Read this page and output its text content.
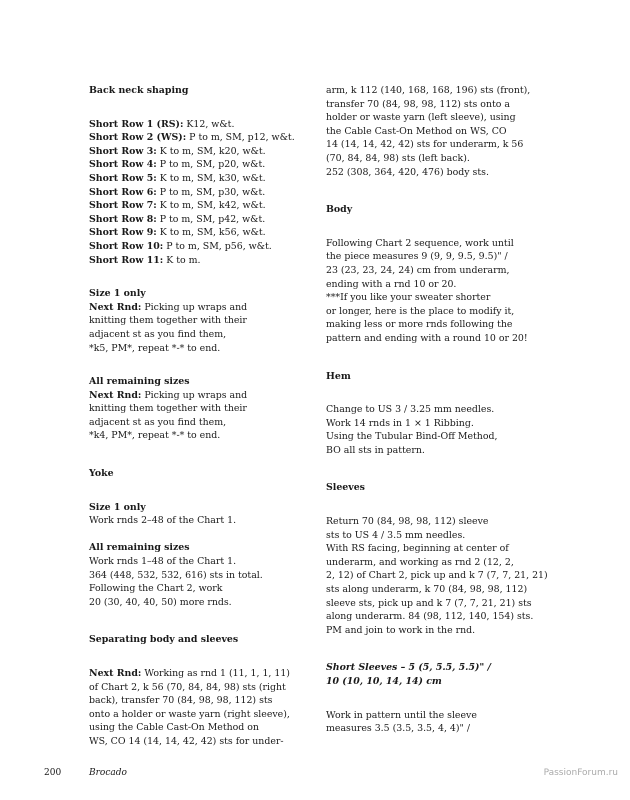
Back neck shaping
Short Row 1 (RS): K12, w&t.
Short Row 2 (WS): P to m, SM, p12, w&t.
Short Row 3: K to m, SM, k20, w&t.
Short Row 4: P to m, SM, p20, w&t.
Short Row 5: K to m, SM, k30, w&t.
Short Row 6: P to m, SM, p30, w&t.
Short Row 7: K to m, SM, k42, w&t.
Short Row 8: P to m, SM, p42, w&t.
Short Row 9: K to m, SM, k56, w&t.
Short Row 10: P to m, SM, p56, w&t.
Short Row 11: K to m.
Size 1 only
Next Rnd: Picking up wraps and
knitting them together with their
adjacent st as you find them,
*k5, PM*, repeat *-* to end.
All remaining sizes
Next Rnd: Picking up wraps and
knitting them together with their
adjacent st as you find them,
*k4, PM*, repeat *-* to end.
Yoke
Size 1 only
Work rnds 2–48 of the Chart 1.
All remaining sizes
Work rnds 1–48 of the Chart 1.
364 (448, 532, 532, 616) sts in total.
Following the Chart 2, work
20 (30, 40, 40, 50) more rnds.
Separating body and sleeves
Next Rnd: Working as rnd 1 (11, 1, 1, 11)
of Chart 2, k 56 (70, 84, 84, 98) sts (right
back), transfer 70 (84, 98, 98, 112) sts
onto a holder or waste yarn (right sleeve),
using the Cable Cast-On Method on
WS, CO 14 (14, 14, 42, 42) sts for under-
arm, k 112 (140, 168, 168, 196) sts (front),
transfer 70 (84, 98, 98, 112) sts onto a
holder or waste yarn (left sleeve), using
the Cable Cast-On Method on WS, CO
14 (14, 14, 42, 42) sts for underarm, k 56
(70, 84, 84, 98) sts (left back).
252 (308, 364, 420, 476) body sts.
Body
Following Chart 2 sequence, work until
the piece measures 9 (9, 9, 9.5, 9.5)" /
23 (23, 23, 24, 24) cm from underarm,
ending with a rnd 10 or 20.
***If you like your sweater shorter
or longer, here is the place to modify it,
making less or more rnds following the
pattern and ending with a round 10 or 20!
Hem
Change to US 3 / 3.25 mm needles.
Work 14 rnds in 1 × 1 Ribbing.
Using the Tubular Bind-Off Method,
BO all sts in pattern.
Sleeves
Return 70 (84, 98, 98, 112) sleeve
sts to US 4 / 3.5 mm needles.
With RS facing, beginning at center of
underarm, and working as rnd 2 (12, 2,
2, 12) of Chart 2, pick up and k 7 (7, 7, 21, 21)
sts along underarm, k 70 (84, 98, 98, 112)
sleeve sts, pick up and k 7 (7, 7, 21, 21) sts
along underarm. 84 (98, 112, 140, 154) sts.
PM and join to work in the rnd.
Short Sleeves – 5 (5, 5.5, 5.5)" /
10 (10, 10, 14, 14) cm
Work in pattern until the sleeve
measures 3.5 (3.5, 3.5, 4, 4)" /
200	Brocado	PassionForum.ru
